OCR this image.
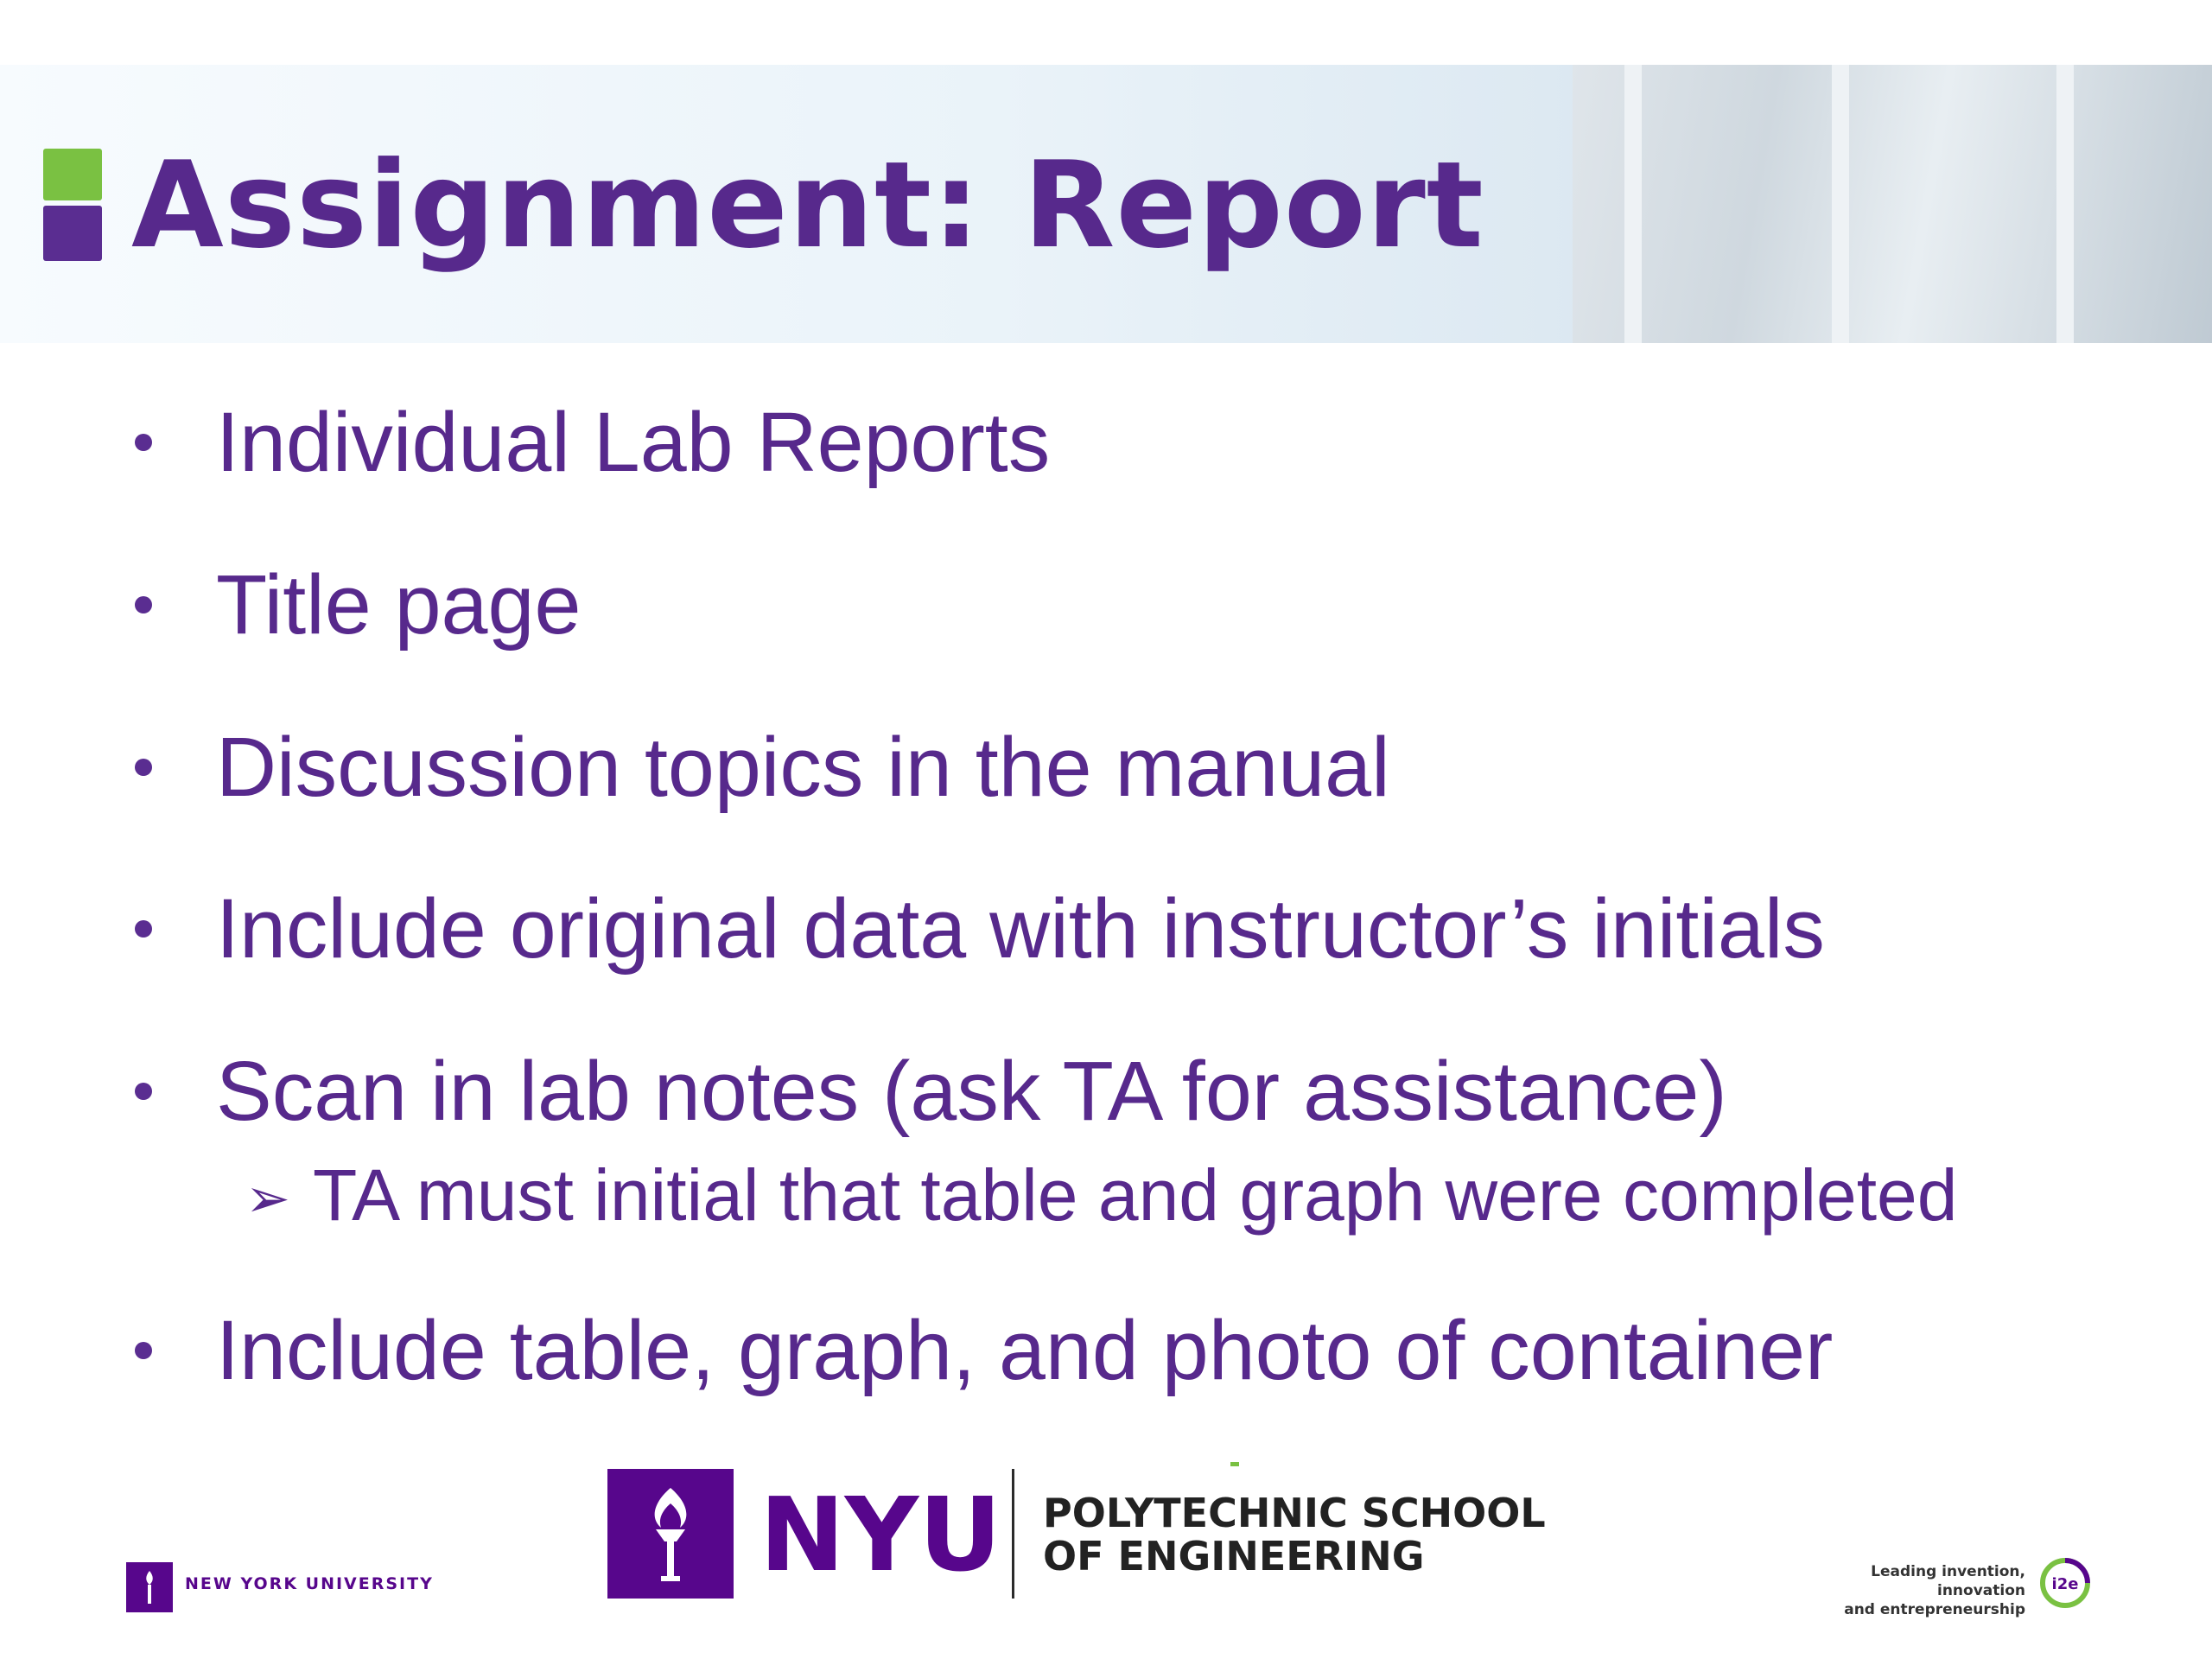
Assignment: Report
Individual Lab Reports
Title page
Discussion topics in the manual
Include original data with instructor’s initials
Scan in lab notes (ask TA for assistance)
➢ TA must initial that table and graph were completed
Include table, graph, and photo of container
NEW YORK UNIVERSITY	NYU POLYTECHNIC SCHOOL
OF ENGINEERING	Leading invention, innovation
and entrepreneurship
i2e
